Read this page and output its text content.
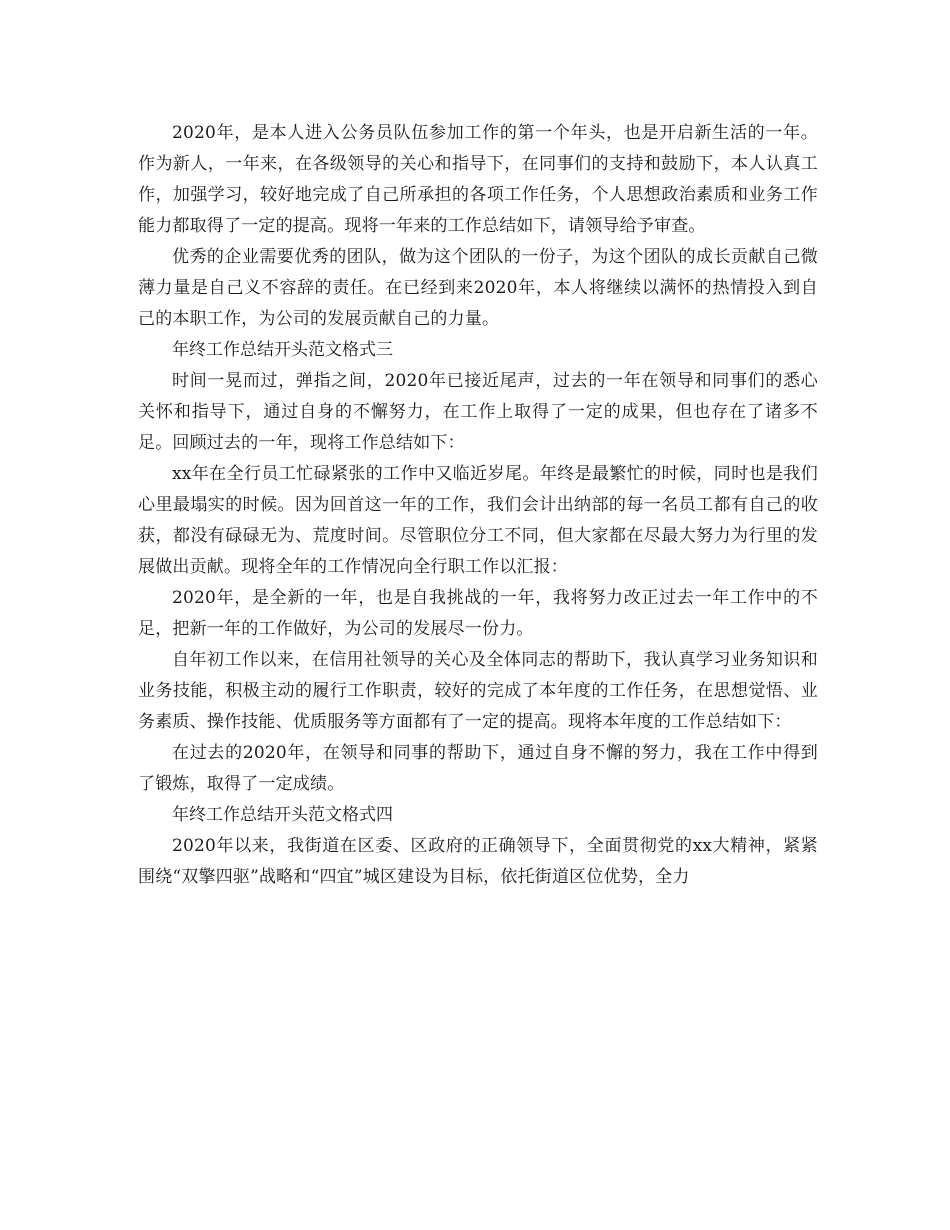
2020年，是本人进入公务员队伍参加工作的第一个年头，也是开启新生活的一年。作为新人，一年来，在各级领导的关心和指导下，在同事们的支持和鼓励下，本人认真工作，加强学习，较好地完成了自己所承担的各项工作任务，个人思想政治素质和业务工作能力都取得了一定的提高。现将一年来的工作总结如下，请领导给予审查。

优秀的企业需要优秀的团队，做为这个团队的一份子，为这个团队的成长贡献自己微薄力量是自己义不容辞的责任。在已经到来2020年，本人将继续以满怀的热情投入到自己的本职工作，为公司的发展贡献自己的力量。

年终工作总结开头范文格式三

时间一晃而过，弹指之间，2020年已接近尾声，过去的一年在领导和同事们的悉心关怀和指导下，通过自身的不懈努力，在工作上取得了一定的成果，但也存在了诸多不足。回顾过去的一年，现将工作总结如下：

xx年在全行员工忙碌紧张的工作中又临近岁尾。年终是最繁忙的时候，同时也是我们心里最塌实的时候。因为回首这一年的工作，我们会计出纳部的每一名员工都有自己的收获，都没有碌碌无为、荒度时间。尽管职位分工不同，但大家都在尽最大努力为行里的发展做出贡献。现将全年的工作情况向全行职工作以汇报：

2020年，是全新的一年，也是自我挑战的一年，我将努力改正过去一年工作中的不足，把新一年的工作做好，为公司的发展尽一份力。

自年初工作以来，在信用社领导的关心及全体同志的帮助下，我认真学习业务知识和业务技能，积极主动的履行工作职责，较好的完成了本年度的工作任务，在思想觉悟、业务素质、操作技能、优质服务等方面都有了一定的提高。现将本年度的工作总结如下：

在过去的2020年，在领导和同事的帮助下，通过自身不懈的努力，我在工作中得到了锻炼，取得了一定成绩。

年终工作总结开头范文格式四

2020年以来，我街道在区委、区政府的正确领导下，全面贯彻党的xx大精神，紧紧围绕“双擎四驱”战略和“四宜”城区建设为目标，依托街道区位优势，全力
